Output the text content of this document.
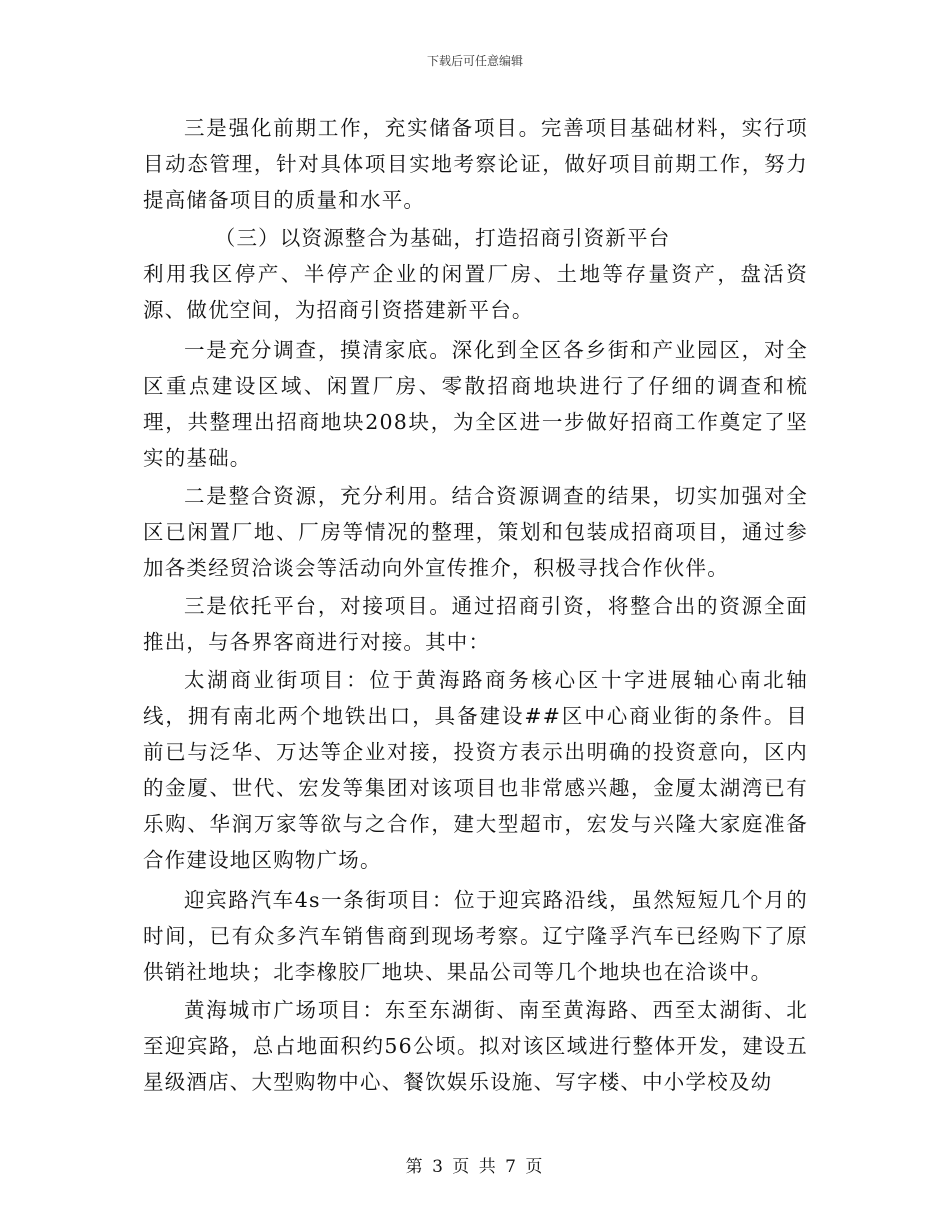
下载后可任意编辑

三是强化前期工作，充实储备项目。完善项目基础材料，实行项目动态管理，针对具体项目实地考察论证，做好项目前期工作，努力提高储备项目的质量和水平。

（三）以资源整合为基础，打造招商引资新平台

利用我区停产、半停产企业的闲置厂房、土地等存量资产，盘活资源、做优空间，为招商引资搭建新平台。

一是充分调查，摸清家底。深化到全区各乡街和产业园区，对全区重点建设区域、闲置厂房、零散招商地块进行了仔细的调查和梳理，共整理出招商地块208块，为全区进一步做好招商工作奠定了坚实的基础。

二是整合资源，充分利用。结合资源调查的结果，切实加强对全区已闲置厂地、厂房等情况的整理，策划和包装成招商项目，通过参加各类经贸洽谈会等活动向外宣传推介，积极寻找合作伙伴。

三是依托平台，对接项目。通过招商引资，将整合出的资源全面推出，与各界客商进行对接。其中：

太湖商业街项目：位于黄海路商务核心区十字进展轴心南北轴线，拥有南北两个地铁出口，具备建设##区中心商业街的条件。目前已与泛华、万达等企业对接，投资方表示出明确的投资意向，区内的金厦、世代、宏发等集团对该项目也非常感兴趣，金厦太湖湾已有乐购、华润万家等欲与之合作，建大型超市，宏发与兴隆大家庭准备合作建设地区购物广场。

迎宾路汽车4s一条街项目：位于迎宾路沿线，虽然短短几个月的时间，已有众多汽车销售商到现场考察。辽宁隆孚汽车已经购下了原供销社地块；北李橡胶厂地块、果品公司等几个地块也在洽谈中。

黄海城市广场项目：东至东湖街、南至黄海路、西至太湖街、北至迎宾路，总占地面积约56公顷。拟对该区域进行整体开发，建设五星级酒店、大型购物中心、餐饮娱乐设施、写字楼、中小学校及幼

第 3 页 共 7 页
